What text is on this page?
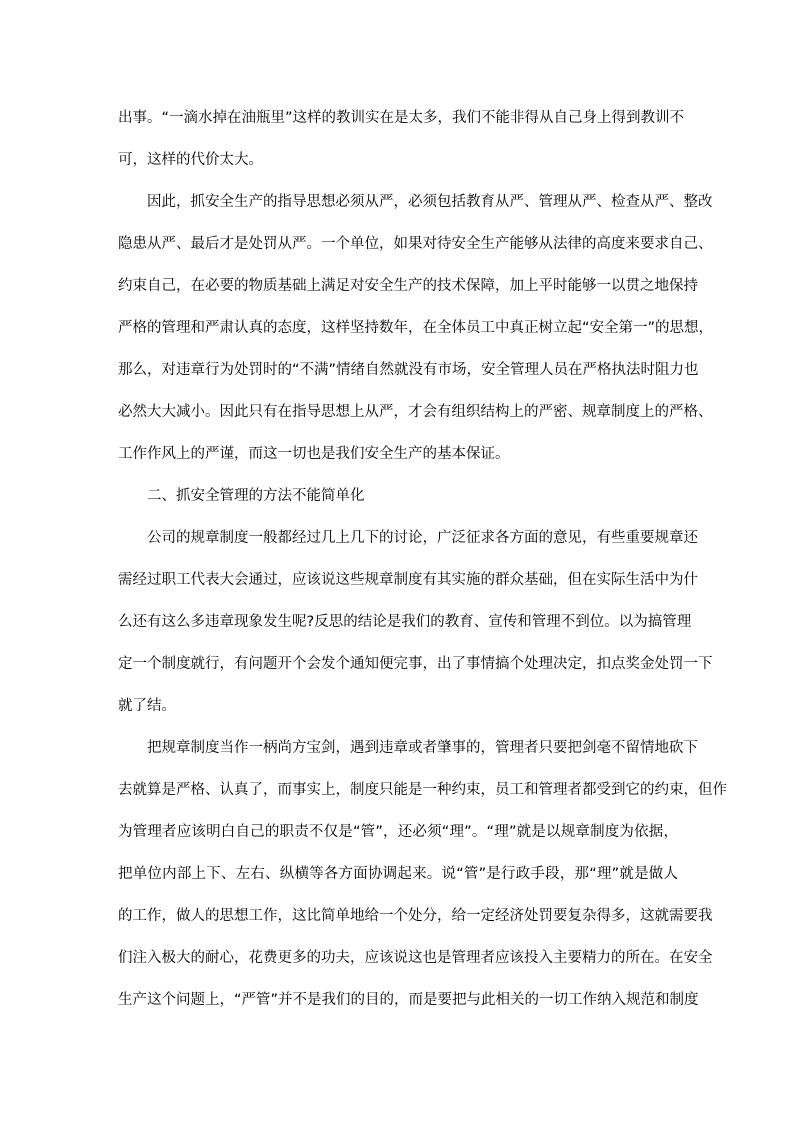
出事。“一滴水掉在油瓶里”这样的教训实在是太多，我们不能非得从自己身上得到教训不
可，这样的代价太大。
因此，抓安全生产的指导思想必须从严，必须包括教育从严、管理从严、检查从严、整改
隐患从严、最后才是处罚从严。一个单位，如果对待安全生产能够从法律的高度来要求自己、
约束自己，在必要的物质基础上满足对安全生产的技术保障，加上平时能够一以贯之地保持
严格的管理和严肃认真的态度，这样坚持数年，在全体员工中真正树立起“安全第一”的思想，
那么，对违章行为处罚时的“不满”情绪自然就没有市场，安全管理人员在严格执法时阻力也
必然大大减小。因此只有在指导思想上从严，才会有组织结构上的严密、规章制度上的严格、
工作作风上的严谨，而这一切也是我们安全生产的基本保证。
二、抓安全管理的方法不能简单化
公司的规章制度一般都经过几上几下的讨论，广泛征求各方面的意见，有些重要规章还
需经过职工代表大会通过，应该说这些规章制度有其实施的群众基础，但在实际生活中为什
么还有这么多违章现象发生呢?反思的结论是我们的教育、宣传和管理不到位。以为搞管理
定一个制度就行，有问题开个会发个通知便完事，出了事情搞个处理决定，扣点奖金处罚一下
就了结。
把规章制度当作一柄尚方宝剑，遇到违章或者肇事的，管理者只要把剑毫不留情地砍下
去就算是严格、认真了，而事实上，制度只能是一种约束，员工和管理者都受到它的约束，但作
为管理者应该明白自己的职责不仅是“管”，还必须“理”。“理”就是以规章制度为依据，
把单位内部上下、左右、纵横等各方面协调起来。说“管”是行政手段，那“理”就是做人
的工作，做人的思想工作，这比简单地给一个处分，给一定经济处罚要复杂得多，这就需要我
们注入极大的耐心，花费更多的功夫，应该说这也是管理者应该投入主要精力的所在。在安全
生产这个问题上，“严管”并不是我们的目的，而是要把与此相关的一切工作纳入规范和制度
